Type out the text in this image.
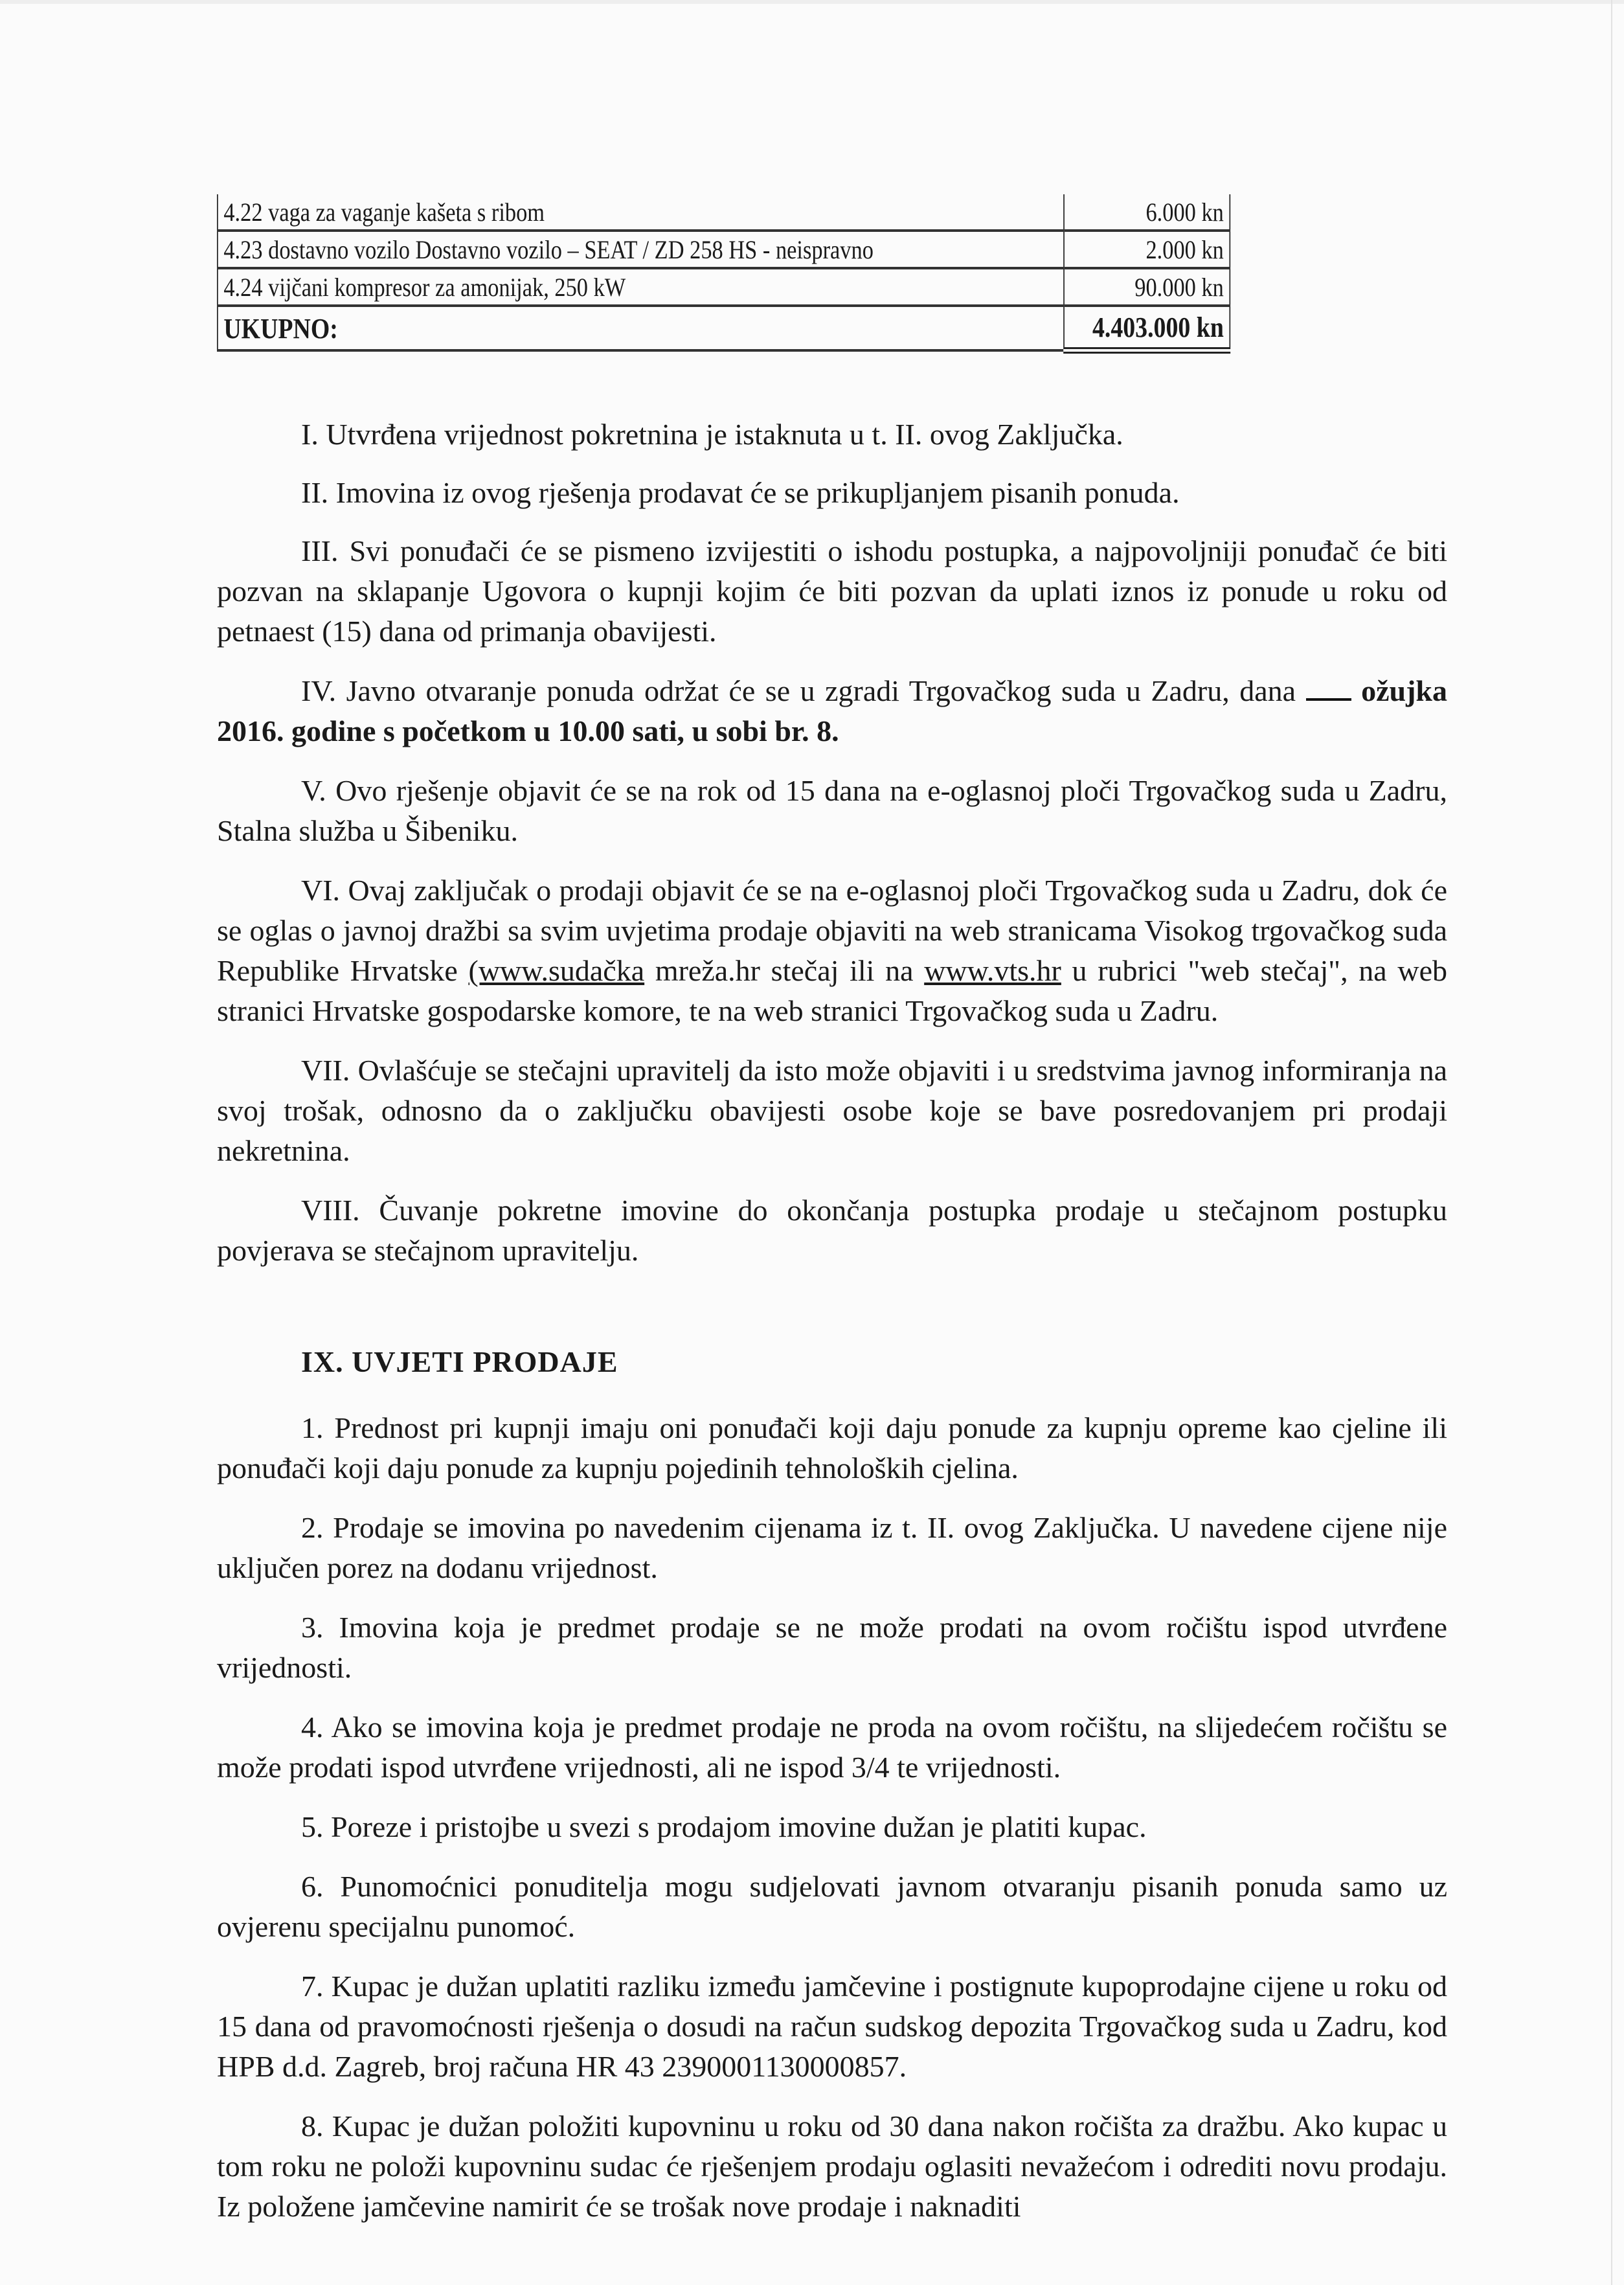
4.22 vaga za vaganje kašeta s ribom	6.000 kn
4.23 dostavno vozilo Dostavno vozilo – SEAT / ZD 258 HS - neispravno	2.000 kn
4.24 vijčani kompresor za amonijak, 250 kW	90.000 kn
UKUPNO:	4.403.000 kn

I. Utvrđena vrijednost pokretnina je istaknuta u t. II. ovog Zaključka.

II. Imovina iz ovog rješenja prodavat će se prikupljanjem pisanih ponuda.

III. Svi ponuđači će se pismeno izvijestiti o ishodu postupka, a najpovoljniji ponuđač će biti pozvan na sklapanje Ugovora o kupnji kojim će biti pozvan da uplati iznos iz ponude u roku od petnaest (15) dana od primanja obavijesti.

IV. Javno otvaranje ponuda održat će se u zgradi Trgovačkog suda u Zadru, dana  ožujka 2016. godine s početkom u 10.00 sati, u sobi br. 8.

V. Ovo rješenje objavit će se na rok od 15 dana na e-oglasnoj ploči Trgovačkog suda u Zadru, Stalna služba u Šibeniku.

VI. Ovaj zaključak o prodaji objavit će se na e-oglasnoj ploči Trgovačkog suda u Zadru, dok će se oglas o javnoj dražbi sa svim uvjetima prodaje objaviti na web stranicama Visokog trgovačkog suda Republike Hrvatske (www.sudačka mreža.hr stečaj ili na www.vts.hr u rubrici "web stečaj", na web stranici Hrvatske gospodarske komore, te na web stranici Trgovačkog suda u Zadru.

VII. Ovlašćuje se stečajni upravitelj da isto može objaviti i u sredstvima javnog informiranja na svoj trošak, odnosno da o zaključku obavijesti osobe koje se bave posredovanjem pri prodaji nekretnina.

VIII. Čuvanje pokretne imovine do okončanja postupka prodaje u stečajnom postupku povjerava se stečajnom upravitelju.

IX. UVJETI PRODAJE

1. Prednost pri kupnji imaju oni ponuđači koji daju ponude za kupnju opreme kao cjeline ili ponuđači koji daju ponude za kupnju pojedinih tehnoloških cjelina.

2. Prodaje se imovina po navedenim cijenama iz t. II. ovog Zaključka. U navedene cijene nije uključen porez na dodanu vrijednost.

3. Imovina koja je predmet prodaje se ne može prodati na ovom ročištu ispod utvrđene vrijednosti.

4. Ako se imovina koja je predmet prodaje ne proda na ovom ročištu, na slijedećem ročištu se može prodati ispod utvrđene vrijednosti, ali ne ispod 3/4 te vrijednosti.

5. Poreze i pristojbe u svezi s prodajom imovine dužan je platiti kupac.

6. Punomoćnici ponuditelja mogu sudjelovati javnom otvaranju pisanih ponuda samo uz ovjerenu specijalnu punomoć.

7. Kupac je dužan uplatiti razliku između jamčevine i postignute kupoprodajne cijene u roku od 15 dana od pravomoćnosti rješenja o dosudi na račun sudskog depozita Trgovačkog suda u Zadru, kod HPB d.d. Zagreb, broj računa HR 43 2390001130000857.

8. Kupac je dužan položiti kupovninu u roku od 30 dana nakon ročišta za dražbu. Ako kupac u tom roku ne položi kupovninu sudac će rješenjem prodaju oglasiti nevažećom i odrediti novu prodaju. Iz položene jamčevine namirit će se trošak nove prodaje i naknaditi
